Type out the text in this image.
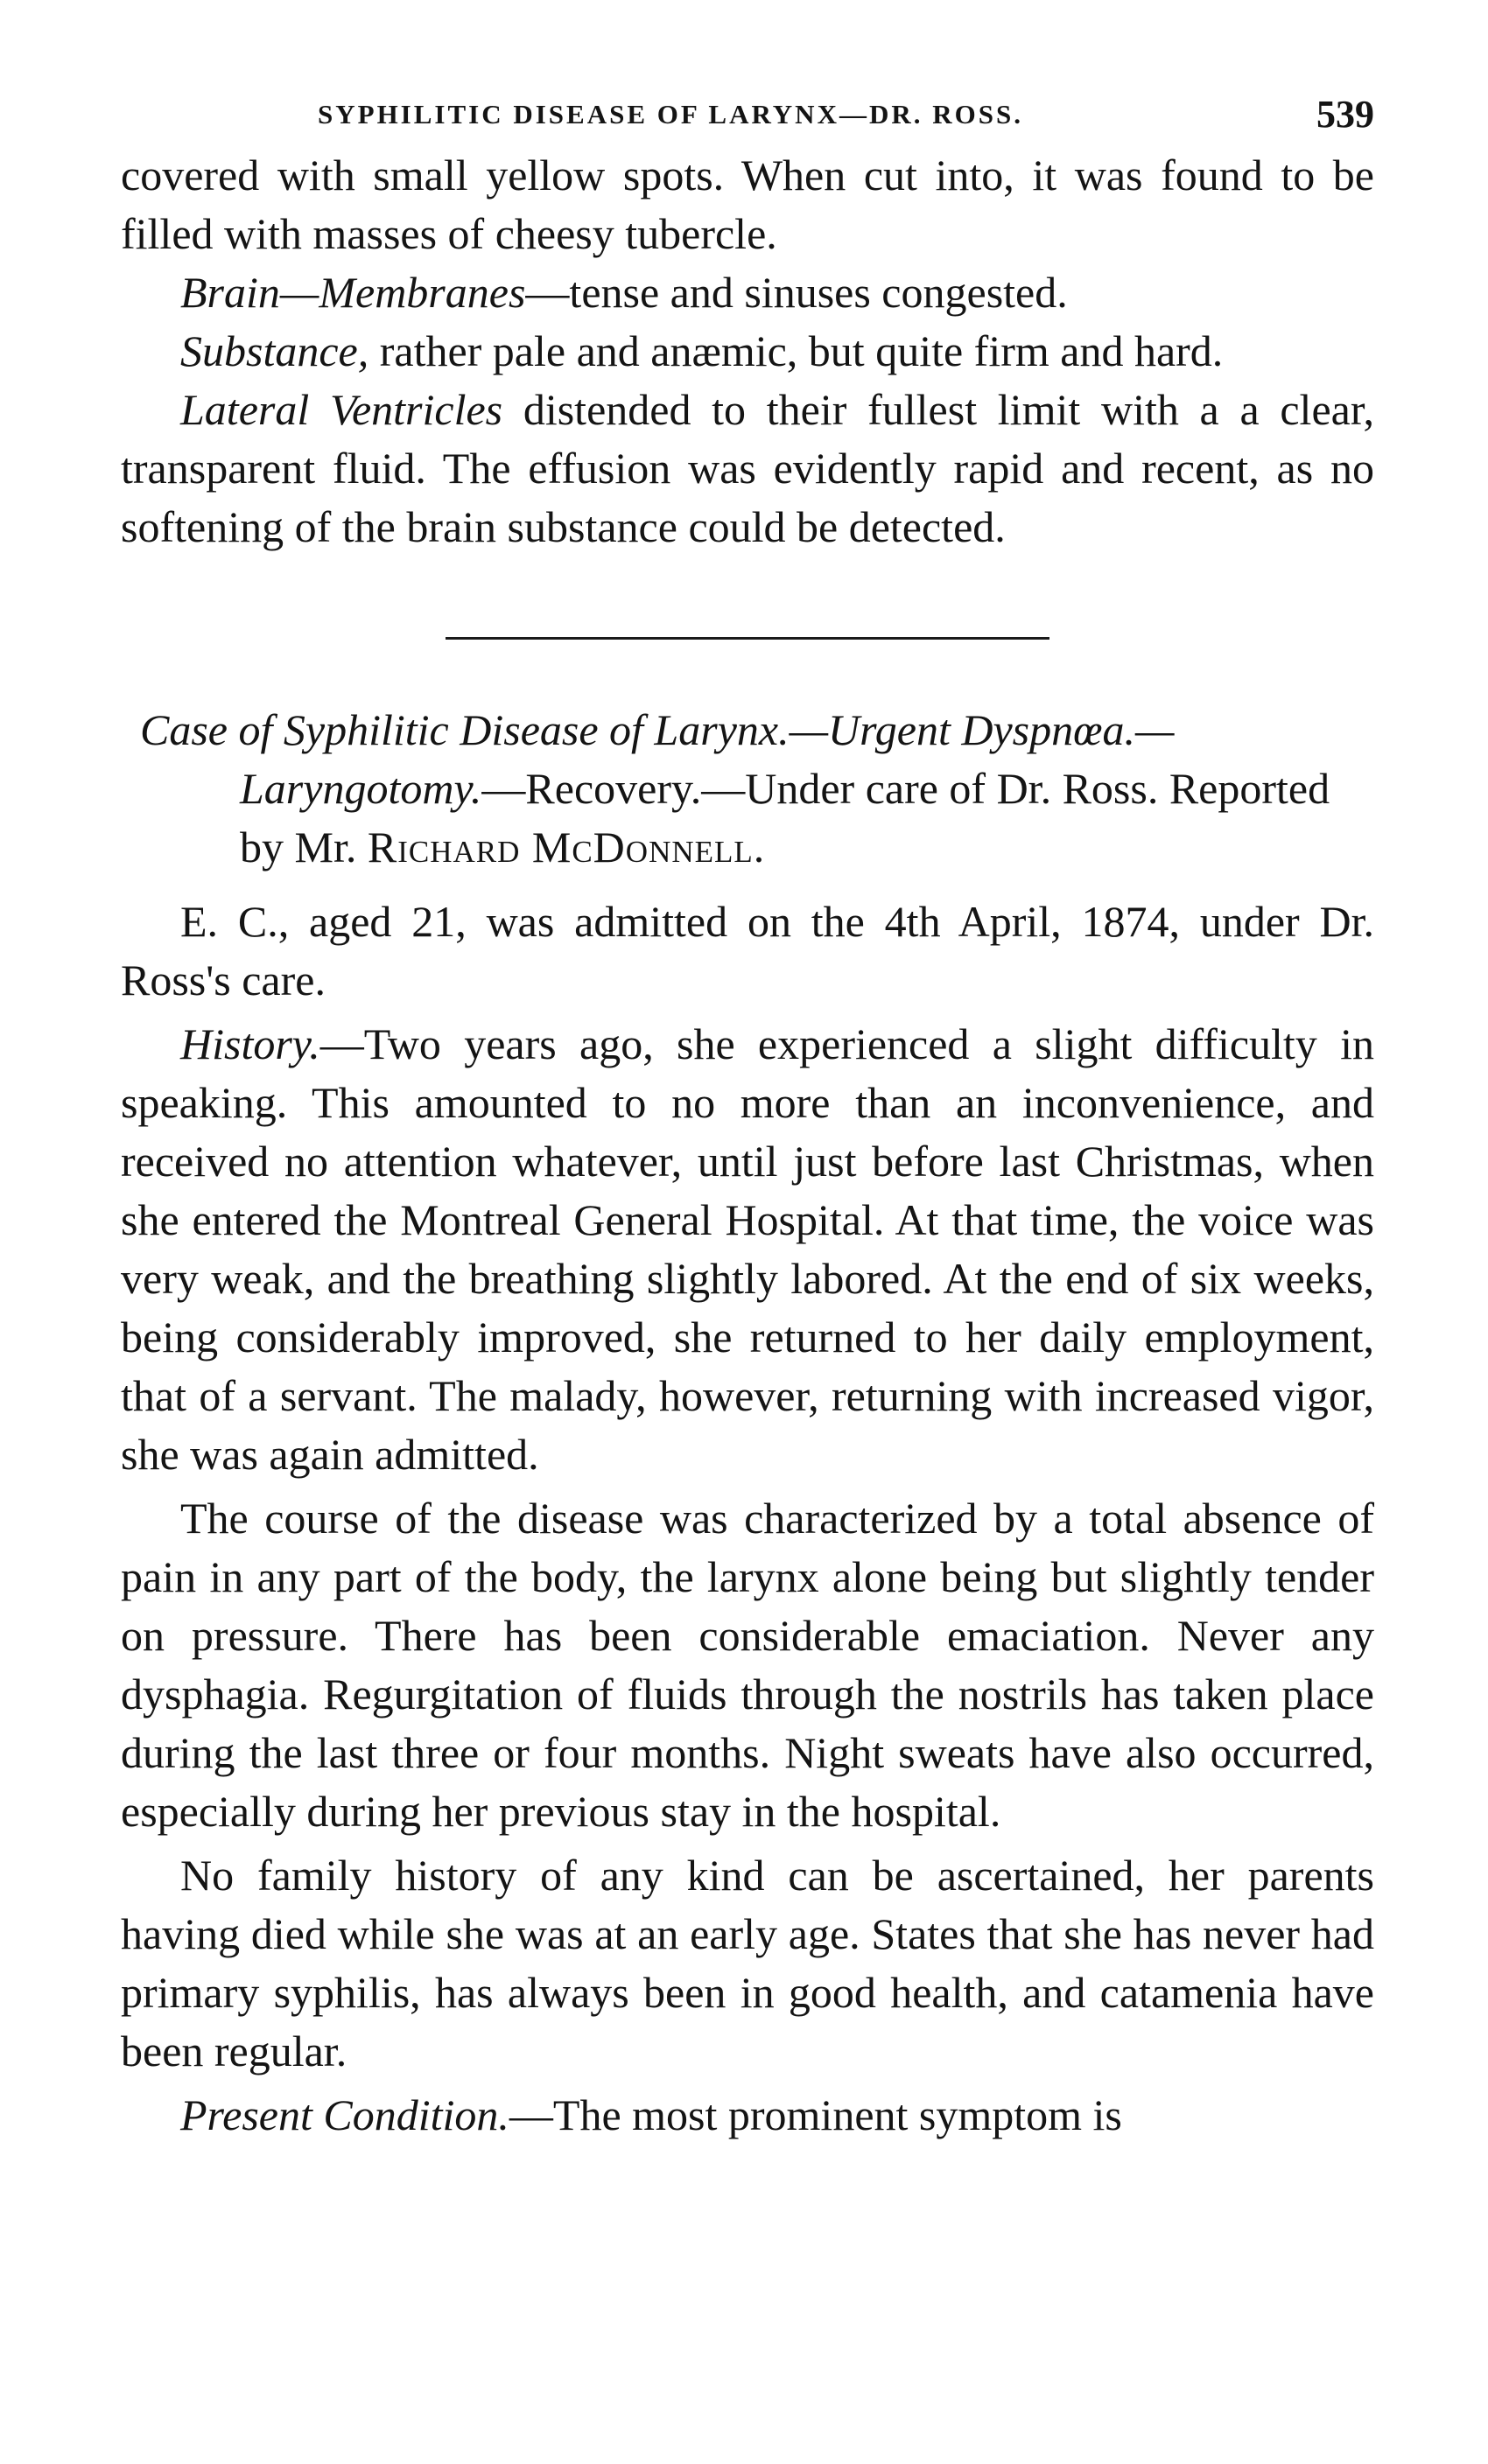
SYPHILITIC DISEASE OF LARYNX—DR. ROSS.	539

covered with small yellow spots. When cut into, it was found to be filled with masses of cheesy tubercle.

Brain—Membranes—tense and sinuses congested.

Substance, rather pale and anæmic, but quite firm and hard.

Lateral Ventricles distended to their fullest limit with a a clear, transparent fluid. The effusion was evidently rapid and recent, as no softening of the brain substance could be detected.

Case of Syphilitic Disease of Larynx.—Urgent Dyspnœa.—Laryngotomy.—Recovery.—Under care of Dr. Ross. Reported by Mr. Richard McDonnell.

E. C., aged 21, was admitted on the 4th April, 1874, under Dr. Ross's care.

History.—Two years ago, she experienced a slight difficulty in speaking. This amounted to no more than an inconvenience, and received no attention whatever, until just before last Christmas, when she entered the Montreal General Hospital. At that time, the voice was very weak, and the breathing slightly labored. At the end of six weeks, being considerably improved, she returned to her daily employment, that of a servant. The malady, however, returning with increased vigor, she was again admitted.

The course of the disease was characterized by a total absence of pain in any part of the body, the larynx alone being but slightly tender on pressure. There has been considerable emaciation. Never any dysphagia. Regurgitation of fluids through the nostrils has taken place during the last three or four months. Night sweats have also occurred, especially during her previous stay in the hospital.

No family history of any kind can be ascertained, her parents having died while she was at an early age. States that she has never had primary syphilis, has always been in good health, and catamenia have been regular.

Present Condition.—The most prominent symptom is
